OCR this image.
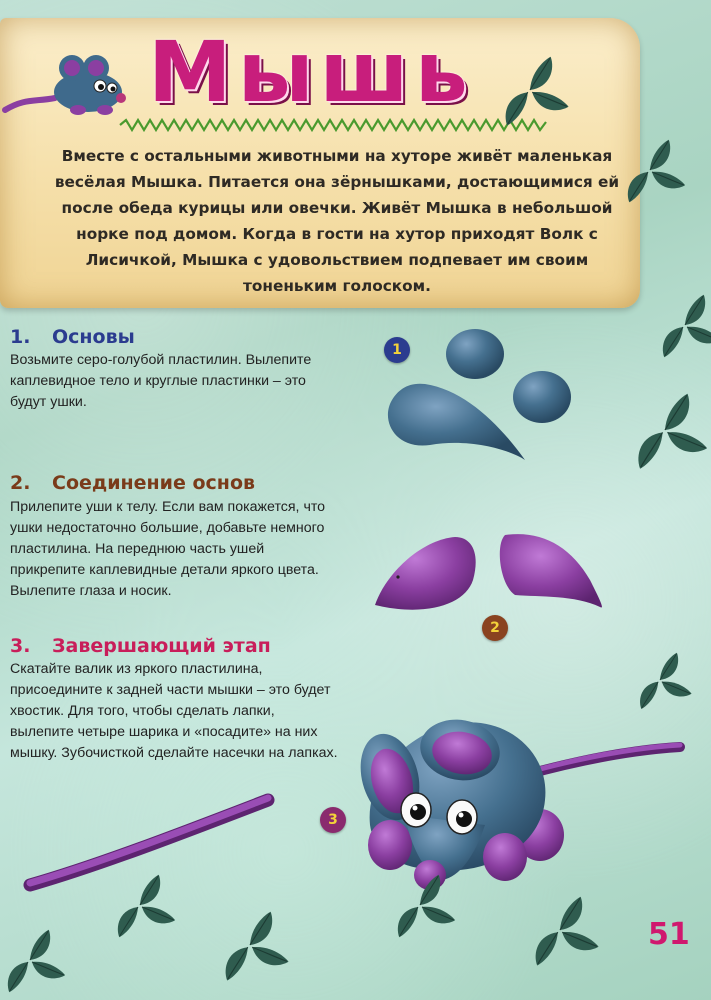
Мышь
Вместе с остальными животными на хуторе живёт маленькая весёлая Мышка. Питается она зёрнышками, достающимися ей после обеда курицы или овечки. Живёт Мышка в небольшой норке под домом. Когда в гости на хутор приходят Волк с Лисичкой, Мышка с удовольствием подпевает им своим тоненьким голоском.
1. Основы
Возьмите серо-голубой пластилин. Вылепите каплевидное тело и круглые пластинки – это будут ушки.
2. Соединение основ
Прилепите уши к телу. Если вам покажется, что ушки недостаточно большие, добавьте немного пластилина. На переднюю часть ушей прикрепите каплевидные детали яркого цвета. Вылепите глаза и носик.
3. Завершающий этап
Скатайте валик из яркого пластилина, присоедините к задней части мышки – это будет хвостик. Для того, чтобы сделать лапки, вылепите четыре шарика и «посадите» на них мышку. Зубочисткой сделайте насечки на лапках.
1
2
3
51
